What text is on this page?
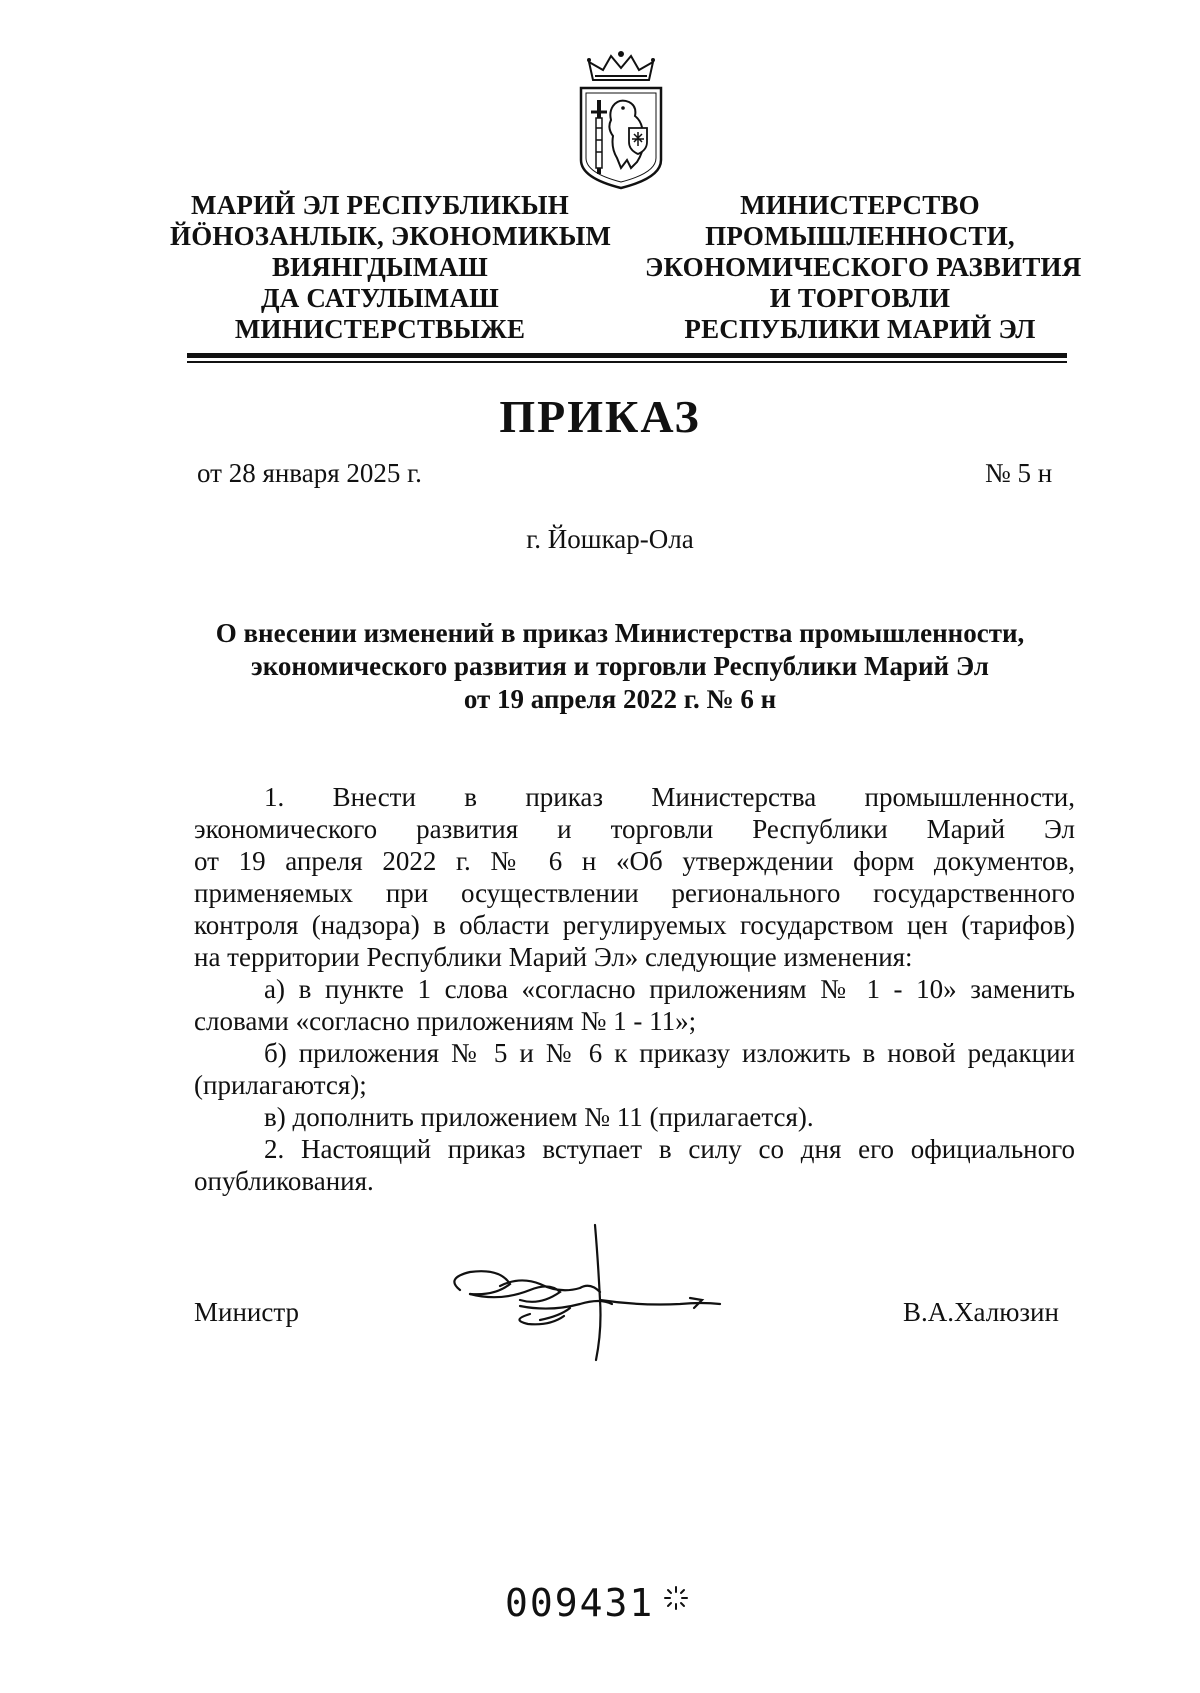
МАРИЙ ЭЛ РЕСПУБЛИКЫН
ЙÖНОЗАНЛЫК, ЭКОНОМИКЫМ
ВИЯНГДЫМАШ
ДА САТУЛЫМАШ
МИНИСТЕРСТВЫЖЕ
МИНИСТЕРСТВО
ПРОМЫШЛЕННОСТИ,
ЭКОНОМИЧЕСКОГО РАЗВИТИЯ
И ТОРГОВЛИ
РЕСПУБЛИКИ МАРИЙ ЭЛ
ПРИКАЗ
от 28 января 2025 г.	№ 5 н
г. Йошкар-Ола
О внесении изменений в приказ Министерства промышленности,
экономического развития и торговли Республики Марий Эл
от 19 апреля 2022 г. № 6 н
1. Внести в приказ Министерства промышленности,
экономического развития и торговли Республики Марий Эл
от 19 апреля 2022 г. № 6 н «Об утверждении форм документов,
применяемых при осуществлении регионального государственного
контроля (надзора) в области регулируемых государством цен (тарифов)
на территории Республики Марий Эл» следующие изменения:
а) в пункте 1 слова «согласно приложениям № 1 - 10» заменить
словами «согласно приложениям № 1 - 11»;
б) приложения № 5 и № 6 к приказу изложить в новой редакции
(прилагаются);
в) дополнить приложением № 11 (прилагается).
2. Настоящий приказ вступает в силу со дня его официального
опубликования.
Министр	В.А.Халюзин
009431
